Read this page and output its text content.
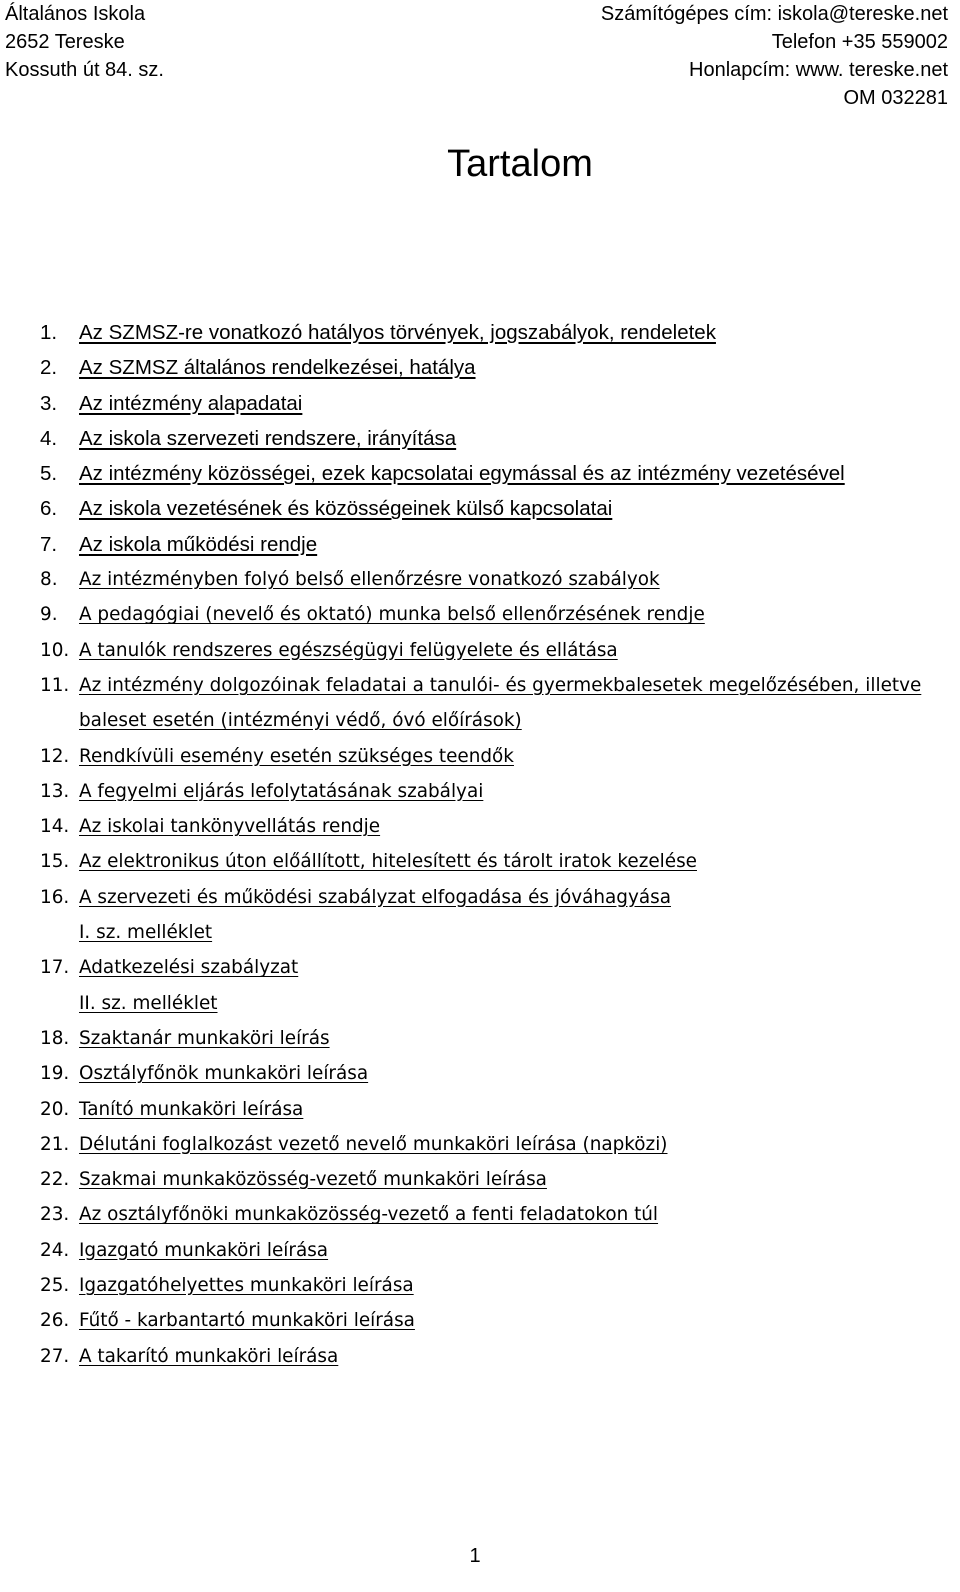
Általános Iskola
2652 Tereske
Kossuth út 84. sz.
Számítógépes cím: iskola@tereske.net
Telefon +35 559002
Honlapcím: www. tereske.net
OM 032281
Tartalom
1.	Az SZMSZ-re vonatkozó hatályos törvények, jogszabályok, rendeletek
2.	Az SZMSZ általános rendelkezései, hatálya
3.	Az intézmény alapadatai
4.	Az iskola szervezeti rendszere, irányítása
5.	Az intézmény közösségei, ezek kapcsolatai egymással és az intézmény vezetésével
6.	Az iskola vezetésének és közösségeinek külső kapcsolatai
7.	Az iskola működési rendje
8.	Az intézményben folyó belső ellenőrzésre vonatkozó szabályok
9.	A pedagógiai (nevelő és oktató) munka belső ellenőrzésének rendje
10. A tanulók rendszeres egészségügyi felügyelete és ellátása
11. Az intézmény dolgozóinak feladatai a tanulói- és gyermekbalesetek megelőzésében, illetve baleset esetén (intézményi védő, óvó előírások)
12. Rendkívüli esemény esetén szükséges teendők
13. A fegyelmi eljárás lefolytatásának szabályai
14. Az iskolai tankönyvellátás rendje
15. Az elektronikus úton előállított, hitelesített és tárolt iratok kezelése
16. A szervezeti és működési szabályzat elfogadása és jóváhagyása
I. sz. melléklet
17. Adatkezelési szabályzat
II. sz. melléklet
18. Szaktanár munkaköri leírás
19. Osztályfőnök munkaköri leírása
20. Tanító munkaköri leírása
21. Délutáni foglalkozást vezető nevelő munkaköri leírása (napközi)
22. Szakmai munkaközösség-vezető munkaköri leírása
23. Az osztályfőnöki munkaközösség-vezető a fenti feladatokon túl
24. Igazgató munkaköri leírása
25. Igazgatóhelyettes munkaköri leírása
26. Fűtő - karbantartó munkaköri leírása
27. A takarító munkaköri leírása
1
